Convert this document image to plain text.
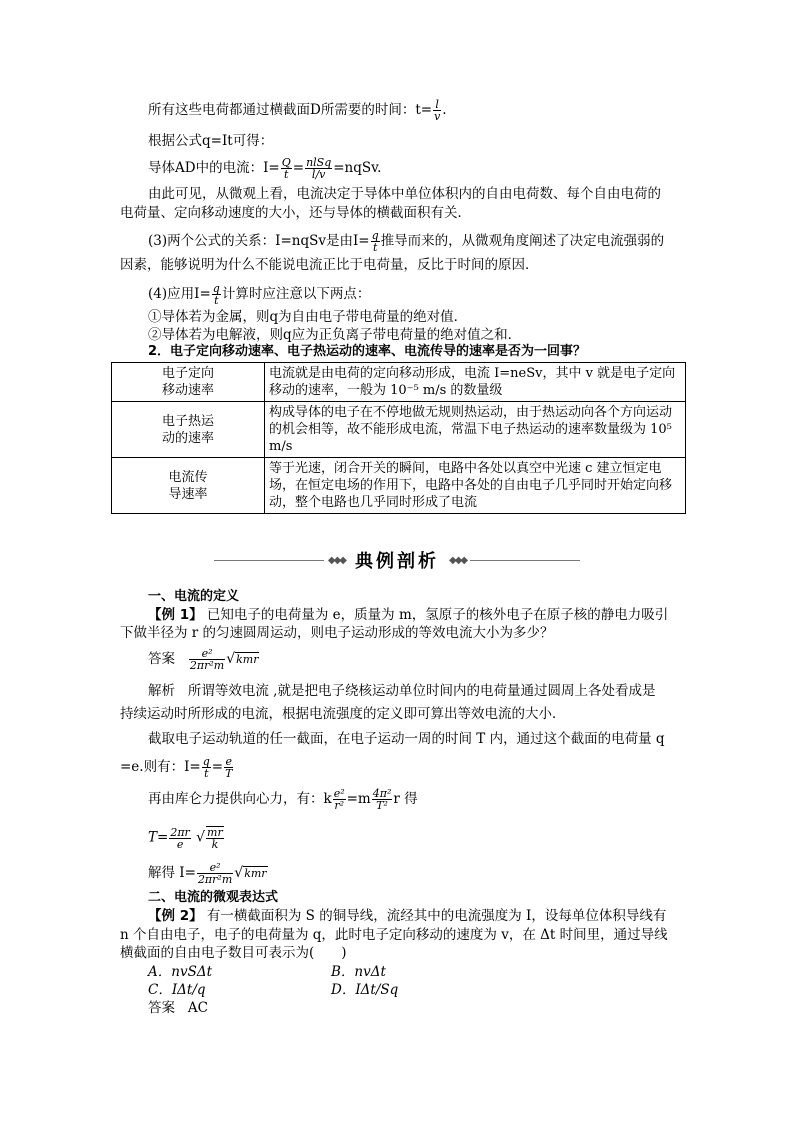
所有这些电荷都通过横截面D所需要的时间：$t= \frac{l}{v}$ .
根据公式q=It可得：
导体AD中的电流：$I= \frac{Q}{t} = \frac{\text{nlSq}}{l/v}$ =nqSv.
由此可见，从微观上看，电流决定于导体中单位体积内的自由电荷数、每个自由电荷的
电荷量、定向移动速度的大小，还与导体的横截面积有关．
(3)两个公式的关系：I=nqSv是由$I= \frac{q}{t}$ 推导而来的，从微观角度阐述了决定电流强弱的
因素，能够说明为什么不能说电流正比于电荷量，反比于时间的原因．
(4)应用$I= \frac{q}{t}$ 计算时应注意以下两点：
①导体若为金属，则q为自由电子带电荷量的绝对值．
②导体若为电解液，则q应为正负离子带电荷量的绝对值之和．
2．电子定向移动速率、电子热运动的速率、电流传导的速率是否为一回事？
电子定向
移动速率	电流就是由电荷的定向移动形成，电流 I=neSv，其中 v 就是电子定向移动的速率，一般为 10⁻⁵ m/s 的数量级
电子热运
动的速率	构成导体的电子在不停地做无规则热运动，由于热运动向各个方向运动的机会相等，故不能形成电流，常温下电子热运动的速率数量级为 10⁵ m/s
电流传
导速率	等于光速，闭合开关的瞬间，电路中各处以真空中光速 c 建立恒定电场，在恒定电场的作用下，电路中各处的自由电子几乎同时开始定向移动，整个电路也几乎同时形成了电流
◆◆◆ 典例剖析 ◆◆◆
一、电流的定义
【例 1】 已知电子的电荷量为 e，质量为 m，氢原子的核外电子在原子核的静电力吸引
下做半径为 r 的匀速圆周运动，则电子运动形成的等效电流大小为多少？
答案 $\frac{\text{e²}}{\text{2πr²m}} √kmr$
解析 所谓等效电流 ,就是把电子绕核运动单位时间内的电荷量通过圆周上各处看成是
持续运动时所形成的电流，根据电流强度的定义即可算出等效电流的大小．
截取电子运动轨道的任一截面，在电子运动一周的时间 T 内，通过这个截面的电荷量 q
=e.则有：$I= \frac{q}{t} = \frac{e}{T}$
再由库仑力提供向心力，有：k $\frac{\text{e²}}{\text{r²}} =m \frac{\text{4π²}}{\text{T²}}$ r 得
$T= \frac{2\pi r}{e}$ √ $\frac{mr}{k}$
解得 $I= \frac{\text{e²}}{\text{2πr²m}} √kmr$
二、电流的微观表达式
【例 2】 有一横截面积为 S 的铜导线，流经其中的电流强度为 I，设每单位体积导线有
n 个自由电子，电子的电荷量为 q，此时电子定向移动的速度为 v，在 Δt 时间里，通过导线
横截面的自由电子数目可表示为(　　)
A．nvSΔt	B．nvΔt
C．IΔt/q	D．IΔt/Sq
答案 AC
